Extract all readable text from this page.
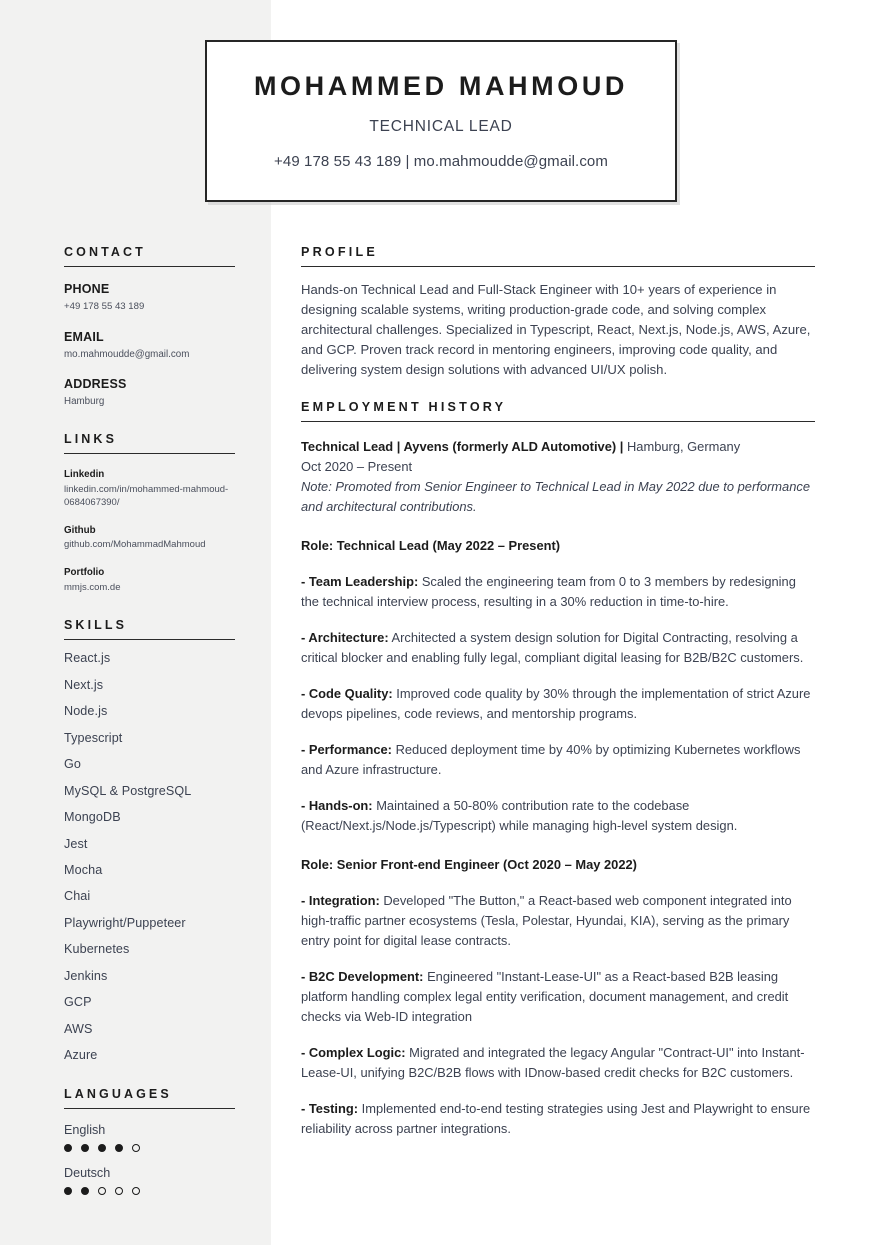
MOHAMMED MAHMOUD
TECHNICAL LEAD
+49 178 55 43 189 | mo.mahmoudde@gmail.com
CONTACT
PHONE
+49 178 55 43 189
EMAIL
mo.mahmoudde@gmail.com
ADDRESS
Hamburg
LINKS
Linkedin
linkedin.com/in/mohammed-mahmoud-0684067390/
Github
github.com/MohammadMahmoud
Portfolio
mmjs.com.de
SKILLS
React.js
Next.js
Node.js
Typescript
Go
MySQL & PostgreSQL
MongoDB
Jest
Mocha
Chai
Playwright/Puppeteer
Kubernetes
Jenkins
GCP
AWS
Azure
LANGUAGES
English
Deutsch
PROFILE
Hands-on Technical Lead and Full-Stack Engineer with 10+ years of experience in designing scalable systems, writing production-grade code, and solving complex architectural challenges. Specialized in Typescript, React, Next.js, Node.js, AWS, Azure, and GCP. Proven track record in mentoring engineers, improving code quality, and delivering system design solutions with advanced UI/UX polish.
EMPLOYMENT HISTORY
Technical Lead | Ayvens (formerly ALD Automotive) | Hamburg, Germany
Oct 2020 – Present
Note: Promoted from Senior Engineer to Technical Lead in May 2022 due to performance and architectural contributions.
Role: Technical Lead (May 2022 – Present)
- Team Leadership: Scaled the engineering team from 0 to 3 members by redesigning the technical interview process, resulting in a 30% reduction in time-to-hire.
- Architecture: Architected a system design solution for Digital Contracting, resolving a critical blocker and enabling fully legal, compliant digital leasing for B2B/B2C customers.
- Code Quality: Improved code quality by 30% through the implementation of strict Azure devops pipelines, code reviews, and mentorship programs.
- Performance: Reduced deployment time by 40% by optimizing Kubernetes workflows and Azure infrastructure.
- Hands-on: Maintained a 50-80% contribution rate to the codebase (React/Next.js/Node.js/Typescript) while managing high-level system design.
Role: Senior Front-end Engineer (Oct 2020 – May 2022)
- Integration: Developed "The Button," a React-based web component integrated into high-traffic partner ecosystems (Tesla, Polestar, Hyundai, KIA), serving as the primary entry point for digital lease contracts.
- B2C Development: Engineered "Instant-Lease-UI" as a React-based B2B leasing platform handling complex legal entity verification, document management, and credit checks via Web-ID integration
- Complex Logic: Migrated and integrated the legacy Angular "Contract-UI" into Instant-Lease-UI, unifying B2C/B2B flows with IDnow-based credit checks for B2C customers.
- Testing: Implemented end-to-end testing strategies using Jest and Playwright to ensure reliability across partner integrations.
